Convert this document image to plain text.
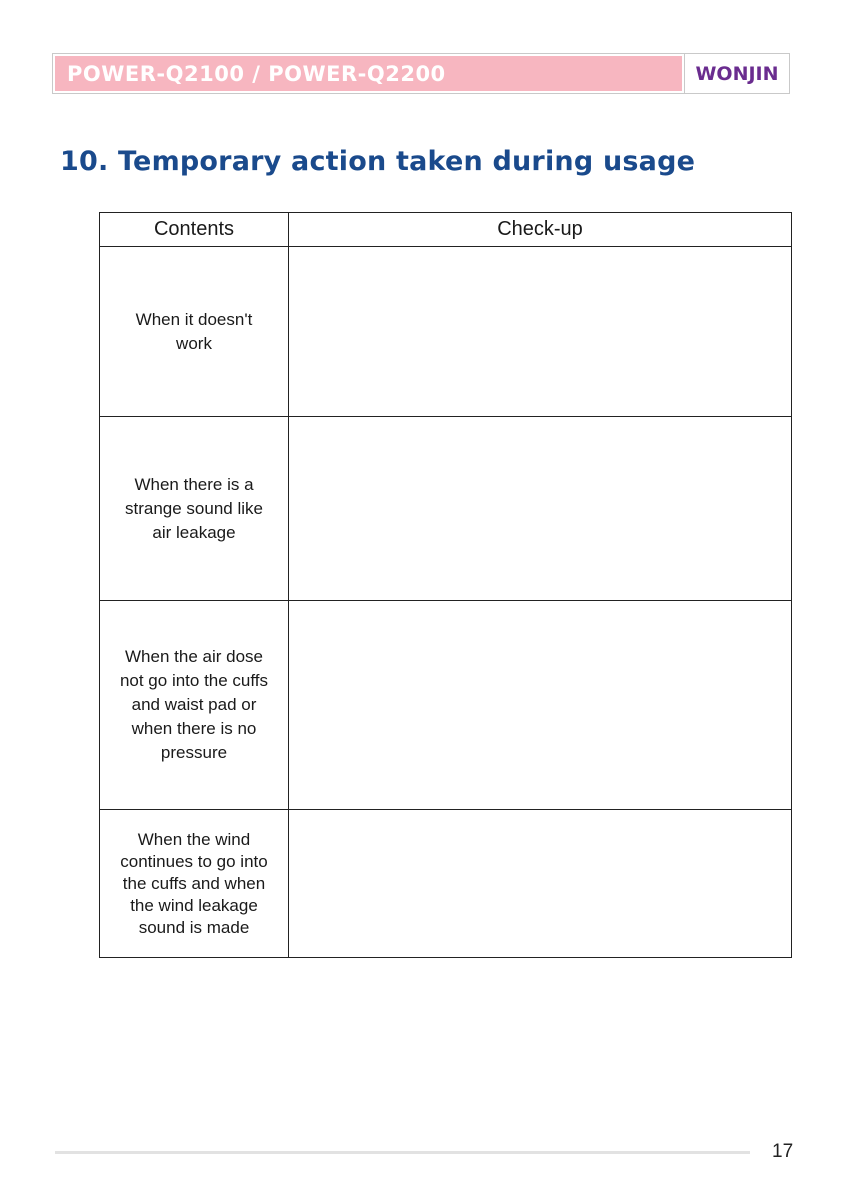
POWER-Q2100 / POWER-Q2200	WONJIN
10. Temporary action taken during usage
Contents	Check-up

When it doesn't work	

When there is a strange sound like air leakage	

When the air dose not go into the cuffs and waist pad or when there is no pressure	

When the wind continues to go into the cuffs and when the wind leakage sound is made	

17
